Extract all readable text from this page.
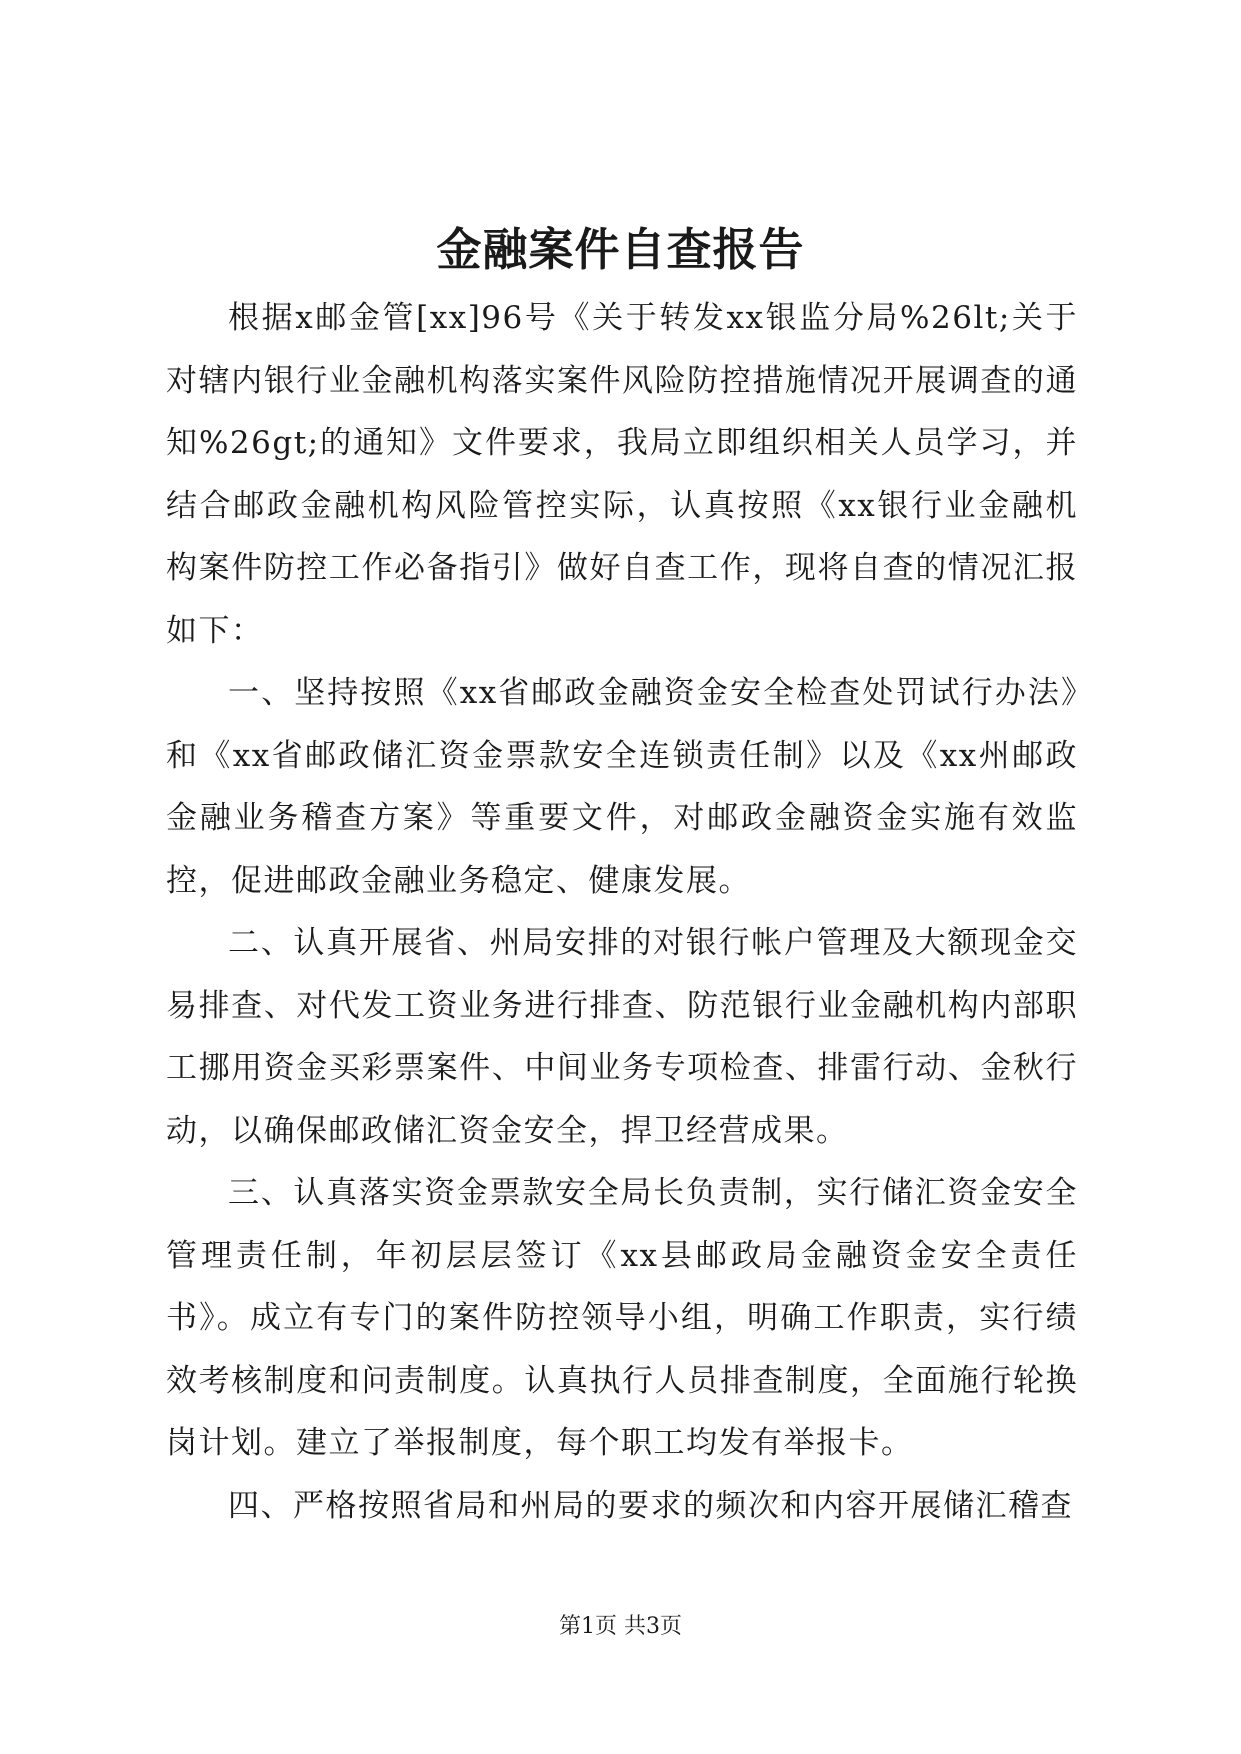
金融案件自查报告

根据x邮金管[xx]96号《关于转发xx银监分局%26lt;关于对辖内银行业金融机构落实案件风险防控措施情况开展调查的通知%26gt;的通知》文件要求，我局立即组织相关人员学习，并结合邮政金融机构风险管控实际，认真按照《xx银行业金融机构案件防控工作必备指引》做好自查工作，现将自查的情况汇报如下：

一、坚持按照《xx省邮政金融资金安全检查处罚试行办法》和《xx省邮政储汇资金票款安全连锁责任制》以及《xx州邮政金融业务稽查方案》等重要文件，对邮政金融资金实施有效监控，促进邮政金融业务稳定、健康发展。

二、认真开展省、州局安排的对银行帐户管理及大额现金交易排查、对代发工资业务进行排查、防范银行业金融机构内部职工挪用资金买彩票案件、中间业务专项检查、排雷行动、金秋行动，以确保邮政储汇资金安全，捍卫经营成果。

三、认真落实资金票款安全局长负责制，实行储汇资金安全管理责任制，年初层层签订《xx县邮政局金融资金安全责任书》。成立有专门的案件防控领导小组，明确工作职责，实行绩效考核制度和问责制度。认真执行人员排查制度，全面施行轮换岗计划。建立了举报制度，每个职工均发有举报卡。

四、严格按照省局和州局的要求的频次和内容开展储汇稽查

第1页 共3页
